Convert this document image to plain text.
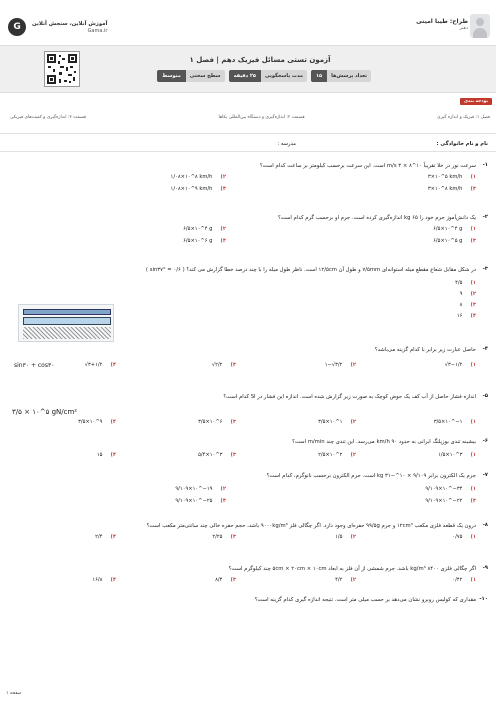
طراح: طیبا امینی
دهبر
G	آموزش آنلاین، سنجش آنلاین
Gama.ir
آزمون تستی مسائل فیزیک دهم | فصل ۱
تعداد پرسش‌ها
۱۵
مدت پاسخگویی
۲۵ دقیقه
سطح سختی
متوسط
بودجه بندی
فصل ۱: فیزیک و اندازه گیری
قسمت ۲: اندازه‌گیری و دستگاه بین‌المللی یکاها
قسمت ۳: اندازه‌گیری و کمیت‌های فیزیکی
نام و نام خانوادگی :
مدرسه :
۱-
سرعت نور در خلا تقریباً ۱۰^۸ × ۳ m/s است. این سرعت برحسب کیلومتر بر ساعت کدام است؟
۱)
۳×۱۰^۵ km/h
۲)
۱/۰۸×۱۰^۸ km/h
۳)
۳×۱۰^۸ km/h
۴)
۱/۰۸×۱۰^۹ km/h
۲-
یک دانش‌آموز جرم خود را ۶۵ kg اندازه‌گیری کرده است. جرم او برحسب گرم کدام است؟
۱)
۶/۵×۱۰^۴ g
۲)
۶/۵×۱۰^۴ g
۳)
۶/۵×۱۰^۵ g
۴)
۶/۵×۱۰^۶ g
۳-
در شکل مقابل شعاع مقطع میله استوانه‌ای ۷/۵mm و طول آن ۱۲/۵cm است. ناظر طول میله را با چند درصد خطا گزارش می کند؟ ( sin۳۷° = ۰/۶ )
۱)
۴/۵
۲)
۹
۳)
۸
۴)
۱۶
۴-
حاصل عبارت زیر برابر با کدام گزینه می‌باشد؟
۱)
√۳−۱/۲
۲)
۱−√۳/۲
۳)
√۲/۲
۴)
√۳+۱/۲
sin۳۰ + cos۳۰
۵-
اندازه فشار حاصل از آب کف یک حوض کوچک به صورت زیر گزارش شده است. اندازه این فشار در SI کدام است؟
۱)
۳/۵×۱۰^−۱
۲)
۳/۵×۱۰^۱
۳)
۳/۵×۱۰^۶
۴)
۳/۵×۱۰^۹
۳/۵ × ۱۰^۵ gN/cm²
۶-
بیشینه تندی یوزپلنگ ایرانی به حدود ۹۰ km/h می‌رسد. این تندی چند m/min است؟
۱)
۱/۵×۱۰^۳
۲)
۲/۵×۱۰^۲
۳)
۵/۴×۱۰^۳
۴)
۱۵
۷-
جرم یک الکترون برابر ۹/۱۰۹ × ۱۰^−۳۱ kg است. جرم الکترون برحسب نانوگرم، کدام است؟
۱)
۹/۱۰۹×۱۰^−۳۴
۲)
۹/۱۰۹×۱۰^−۱۹
۳)
۹/۱۰۹×۱۰^−۲۲
۴)
۹/۱۰۹×۱۰^−۲۵
۸-
درون یک قطعه فلزی مکعب ۱۲cm³ و جرم ۹۹/۵g حفره‌ای وجود دارد. اگر چگالی فلز ۹۰۰۰kg/m³ باشد، حجم حفره خالی چند سانتی‌متر مکعب است؟
۱)
۰/۷۵
۲)
۱/۵
۳)
۲/۲۵
۴)
۲/۴
۹-
اگر چگالی فلزی ۸۴۰۰ kg/m³ باشد. جرم شمشی از آن فلز به ابعاد ۵cm × ۲۰cm × ۱۰cm چند کیلوگرم است؟
۱)
۰/۴۲
۲)
۴/۲
۳)
۸/۴
۴)
۱۶/۸
۱۰-
مقداری که کولیس روبرو نشان می‌دهد بر حسب میلی متر است. نتیجه اندازه گیری کدام گزینه است؟
صفحه ۱
